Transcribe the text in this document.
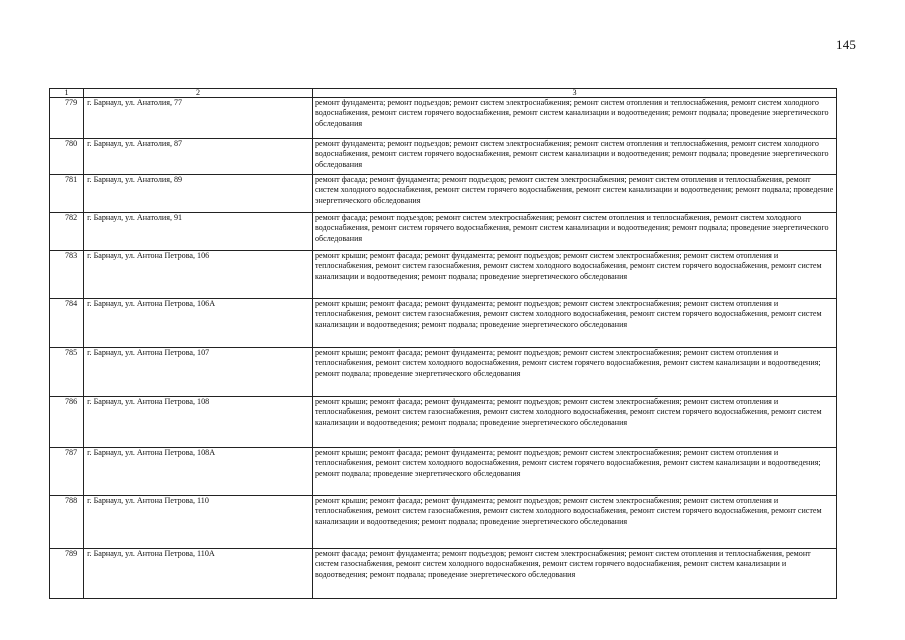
145
1	2	3
779	г. Барнаул, ул. Анатолия, 77	ремонт фундамента; ремонт подъездов; ремонт систем электроснабжения; ремонт систем отопления и теплоснабжения, ремонт систем холодного водоснабжения, ремонт систем горячего водоснабжения, ремонт систем канализации и водоотведения; ремонт подвала; проведение энергетического обследования
780	г. Барнаул, ул. Анатолия, 87	ремонт фундамента; ремонт подъездов; ремонт систем электроснабжения; ремонт систем отопления и теплоснабжения, ремонт систем холодного водоснабжения, ремонт систем горячего водоснабжения, ремонт систем канализации и водоотведения; ремонт подвала; проведение энергетического обследования
781	г. Барнаул, ул. Анатолия, 89	ремонт фасада; ремонт фундамента; ремонт подъездов; ремонт систем электроснабжения; ремонт систем отопления и теплоснабжения, ремонт систем холодного водоснабжения, ремонт систем горячего водоснабжения, ремонт систем канализации и водоотведения; ремонт подвала; проведение энергетического обследования
782	г. Барнаул, ул. Анатолия, 91	ремонт фасада; ремонт подъездов; ремонт систем электроснабжения; ремонт систем отопления и теплоснабжения, ремонт систем холодного водоснабжения, ремонт систем горячего водоснабжения, ремонт систем канализации и водоотведения; ремонт подвала; проведение энергетического обследования
783	г. Барнаул, ул. Антона Петрова, 106	ремонт крыши; ремонт фасада; ремонт фундамента; ремонт подъездов; ремонт систем электроснабжения; ремонт систем отопления и теплоснабжения, ремонт систем газоснабжения, ремонт систем холодного водоснабжения, ремонт систем горячего водоснабжения, ремонт систем канализации и водоотведения; ремонт подвала; проведение энергетического обследования
784	г. Барнаул, ул. Антона Петрова, 106А	ремонт крыши; ремонт фасада; ремонт фундамента; ремонт подъездов; ремонт систем электроснабжения; ремонт систем отопления и теплоснабжения, ремонт систем газоснабжения, ремонт систем холодного водоснабжения, ремонт систем горячего водоснабжения, ремонт систем канализации и водоотведения; ремонт подвала; проведение энергетического обследования
785	г. Барнаул, ул. Антона Петрова, 107	ремонт крыши; ремонт фасада; ремонт фундамента; ремонт подъездов; ремонт систем электроснабжения; ремонт систем отопления и теплоснабжения, ремонт систем холодного водоснабжения, ремонт систем горячего водоснабжения, ремонт систем канализации и водоотведения; ремонт подвала; проведение энергетического обследования
786	г. Барнаул, ул. Антона Петрова, 108	ремонт крыши; ремонт фасада; ремонт фундамента; ремонт подъездов; ремонт систем электроснабжения; ремонт систем отопления и теплоснабжения, ремонт систем газоснабжения, ремонт систем холодного водоснабжения, ремонт систем горячего водоснабжения, ремонт систем канализации и водоотведения; ремонт подвала; проведение энергетического обследования
787	г. Барнаул, ул. Антона Петрова, 108А	ремонт крыши; ремонт фасада; ремонт фундамента; ремонт подъездов; ремонт систем электроснабжения; ремонт систем отопления и теплоснабжения, ремонт систем холодного водоснабжения, ремонт систем горячего водоснабжения, ремонт систем канализации и водоотведения; ремонт подвала; проведение энергетического обследования
788	г. Барнаул, ул. Антона Петрова, 110	ремонт крыши; ремонт фасада; ремонт фундамента; ремонт подъездов; ремонт систем электроснабжения; ремонт систем отопления и теплоснабжения, ремонт систем газоснабжения, ремонт систем холодного водоснабжения, ремонт систем горячего водоснабжения, ремонт систем канализации и водоотведения; ремонт подвала; проведение энергетического обследования
789	г. Барнаул, ул. Антона Петрова, 110А	ремонт фасада; ремонт фундамента; ремонт подъездов; ремонт систем электроснабжения; ремонт систем отопления и теплоснабжения, ремонт систем газоснабжения, ремонт систем холодного водоснабжения, ремонт систем горячего водоснабжения, ремонт систем канализации и водоотведения; ремонт подвала; проведение энергетического обследования
